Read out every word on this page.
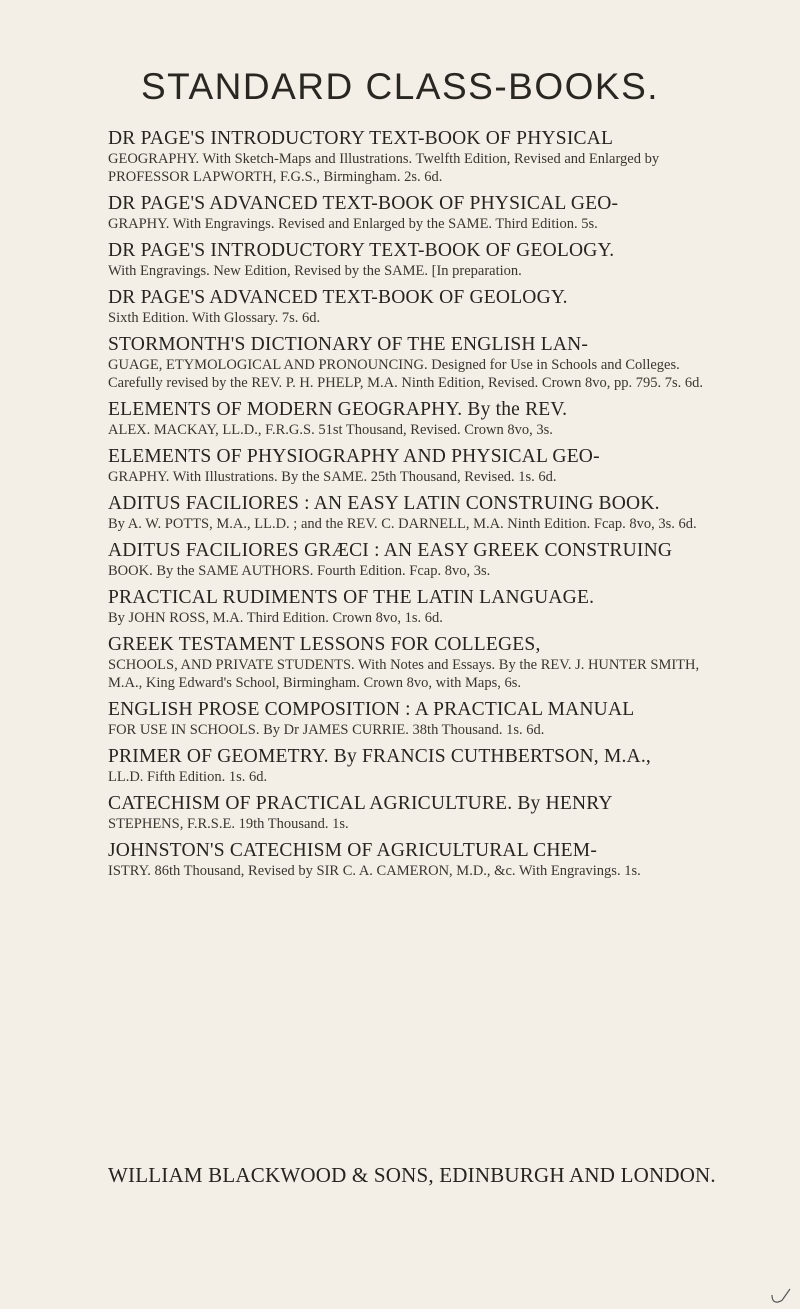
STANDARD CLASS-BOOKS.
DR PAGE'S INTRODUCTORY TEXT-BOOK OF PHYSICAL
GEOGRAPHY. With Sketch-Maps and Illustrations. Twelfth Edition, Revised and Enlarged by PROFESSOR LAPWORTH, F.G.S., Birmingham. 2s. 6d.
DR PAGE'S ADVANCED TEXT-BOOK OF PHYSICAL GEO-
GRAPHY. With Engravings. Revised and Enlarged by the SAME. Third Edition. 5s.
DR PAGE'S INTRODUCTORY TEXT-BOOK OF GEOLOGY.
With Engravings. New Edition, Revised by the SAME. [In preparation.
DR PAGE'S ADVANCED TEXT-BOOK OF GEOLOGY.
Sixth Edition. With Glossary. 7s. 6d.
STORMONTH'S DICTIONARY OF THE ENGLISH LAN-
GUAGE, ETYMOLOGICAL AND PRONOUNCING. Designed for Use in Schools and Colleges. Carefully revised by the REV. P. H. PHELP, M.A. Ninth Edition, Revised. Crown 8vo, pp. 795. 7s. 6d.
ELEMENTS OF MODERN GEOGRAPHY. By the REV.
ALEX. MACKAY, LL.D., F.R.G.S. 51st Thousand, Revised. Crown 8vo, 3s.
ELEMENTS OF PHYSIOGRAPHY AND PHYSICAL GEO-
GRAPHY. With Illustrations. By the SAME. 25th Thousand, Revised. 1s. 6d.
ADITUS FACILIORES : AN EASY LATIN CONSTRUING BOOK.
By A. W. POTTS, M.A., LL.D. ; and the REV. C. DARNELL, M.A. Ninth Edition. Fcap. 8vo, 3s. 6d.
ADITUS FACILIORES GRÆCI : AN EASY GREEK CONSTRUING
BOOK. By the SAME AUTHORS. Fourth Edition. Fcap. 8vo, 3s.
PRACTICAL RUDIMENTS OF THE LATIN LANGUAGE.
By JOHN ROSS, M.A. Third Edition. Crown 8vo, 1s. 6d.
GREEK TESTAMENT LESSONS FOR COLLEGES,
SCHOOLS, AND PRIVATE STUDENTS. With Notes and Essays. By the REV. J. HUNTER SMITH, M.A., King Edward's School, Birmingham. Crown 8vo, with Maps, 6s.
ENGLISH PROSE COMPOSITION : A PRACTICAL MANUAL
FOR USE IN SCHOOLS. By Dr JAMES CURRIE. 38th Thousand. 1s. 6d.
PRIMER OF GEOMETRY. By FRANCIS CUTHBERTSON, M.A.,
LL.D. Fifth Edition. 1s. 6d.
CATECHISM OF PRACTICAL AGRICULTURE. By HENRY
STEPHENS, F.R.S.E. 19th Thousand. 1s.
JOHNSTON'S CATECHISM OF AGRICULTURAL CHEM-
ISTRY. 86th Thousand, Revised by SIR C. A. CAMERON, M.D., &c. With Engravings. 1s.
WILLIAM BLACKWOOD & SONS, EDINBURGH AND LONDON.
